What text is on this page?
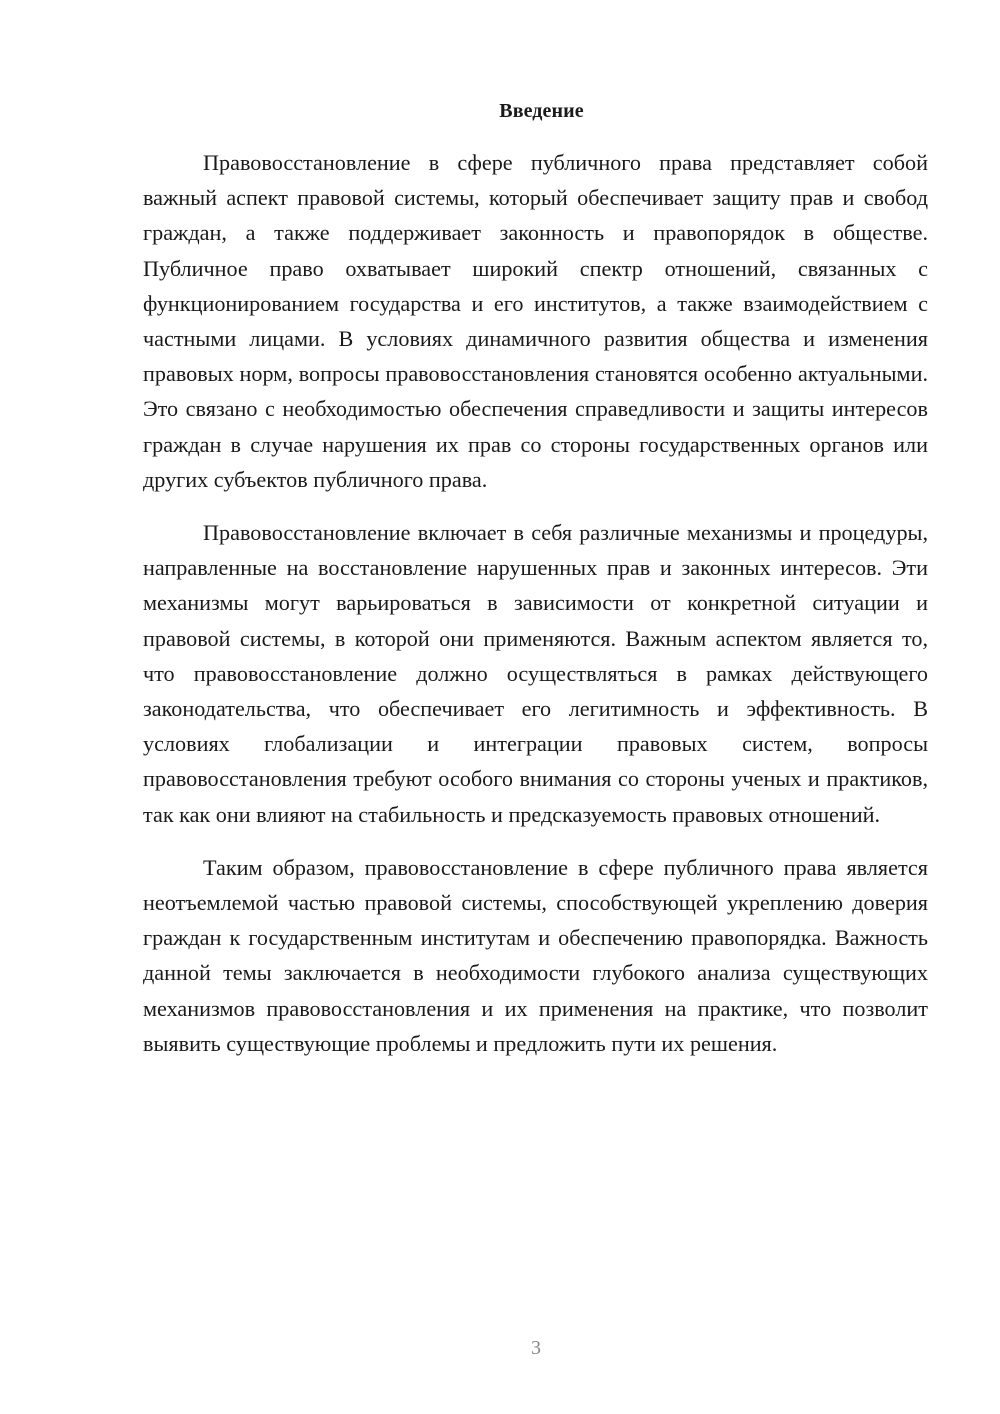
Введение

Правовосстановление в сфере публичного права представляет собой важный аспект правовой системы, который обеспечивает защиту прав и свобод граждан, а также поддерживает законность и правопорядок в обществе. Публичное право охватывает широкий спектр отношений, связанных с функционированием государства и его институтов, а также взаимодействием с частными лицами. В условиях динамичного развития общества и изменения правовых норм, вопросы правовосстановления становятся особенно актуальными. Это связано с необходимостью обеспечения справедливости и защиты интересов граждан в случае нарушения их прав со стороны государственных органов или других субъектов публичного права.

Правовосстановление включает в себя различные механизмы и процедуры, направленные на восстановление нарушенных прав и законных интересов. Эти механизмы могут варьироваться в зависимости от конкретной ситуации и правовой системы, в которой они применяются. Важным аспектом является то, что правовосстановление должно осуществляться в рамках действующего законодательства, что обеспечивает его легитимность и эффективность. В условиях глобализации и интеграции правовых систем, вопросы правовосстановления требуют особого внимания со стороны ученых и практиков, так как они влияют на стабильность и предсказуемость правовых отношений.

Таким образом, правовосстановление в сфере публичного права является неотъемлемой частью правовой системы, способствующей укреплению доверия граждан к государственным институтам и обеспечению правопорядка. Важность данной темы заключается в необходимости глубокого анализа существующих механизмов правовосстановления и их применения на практике, что позволит выявить существующие проблемы и предложить пути их решения.

3
